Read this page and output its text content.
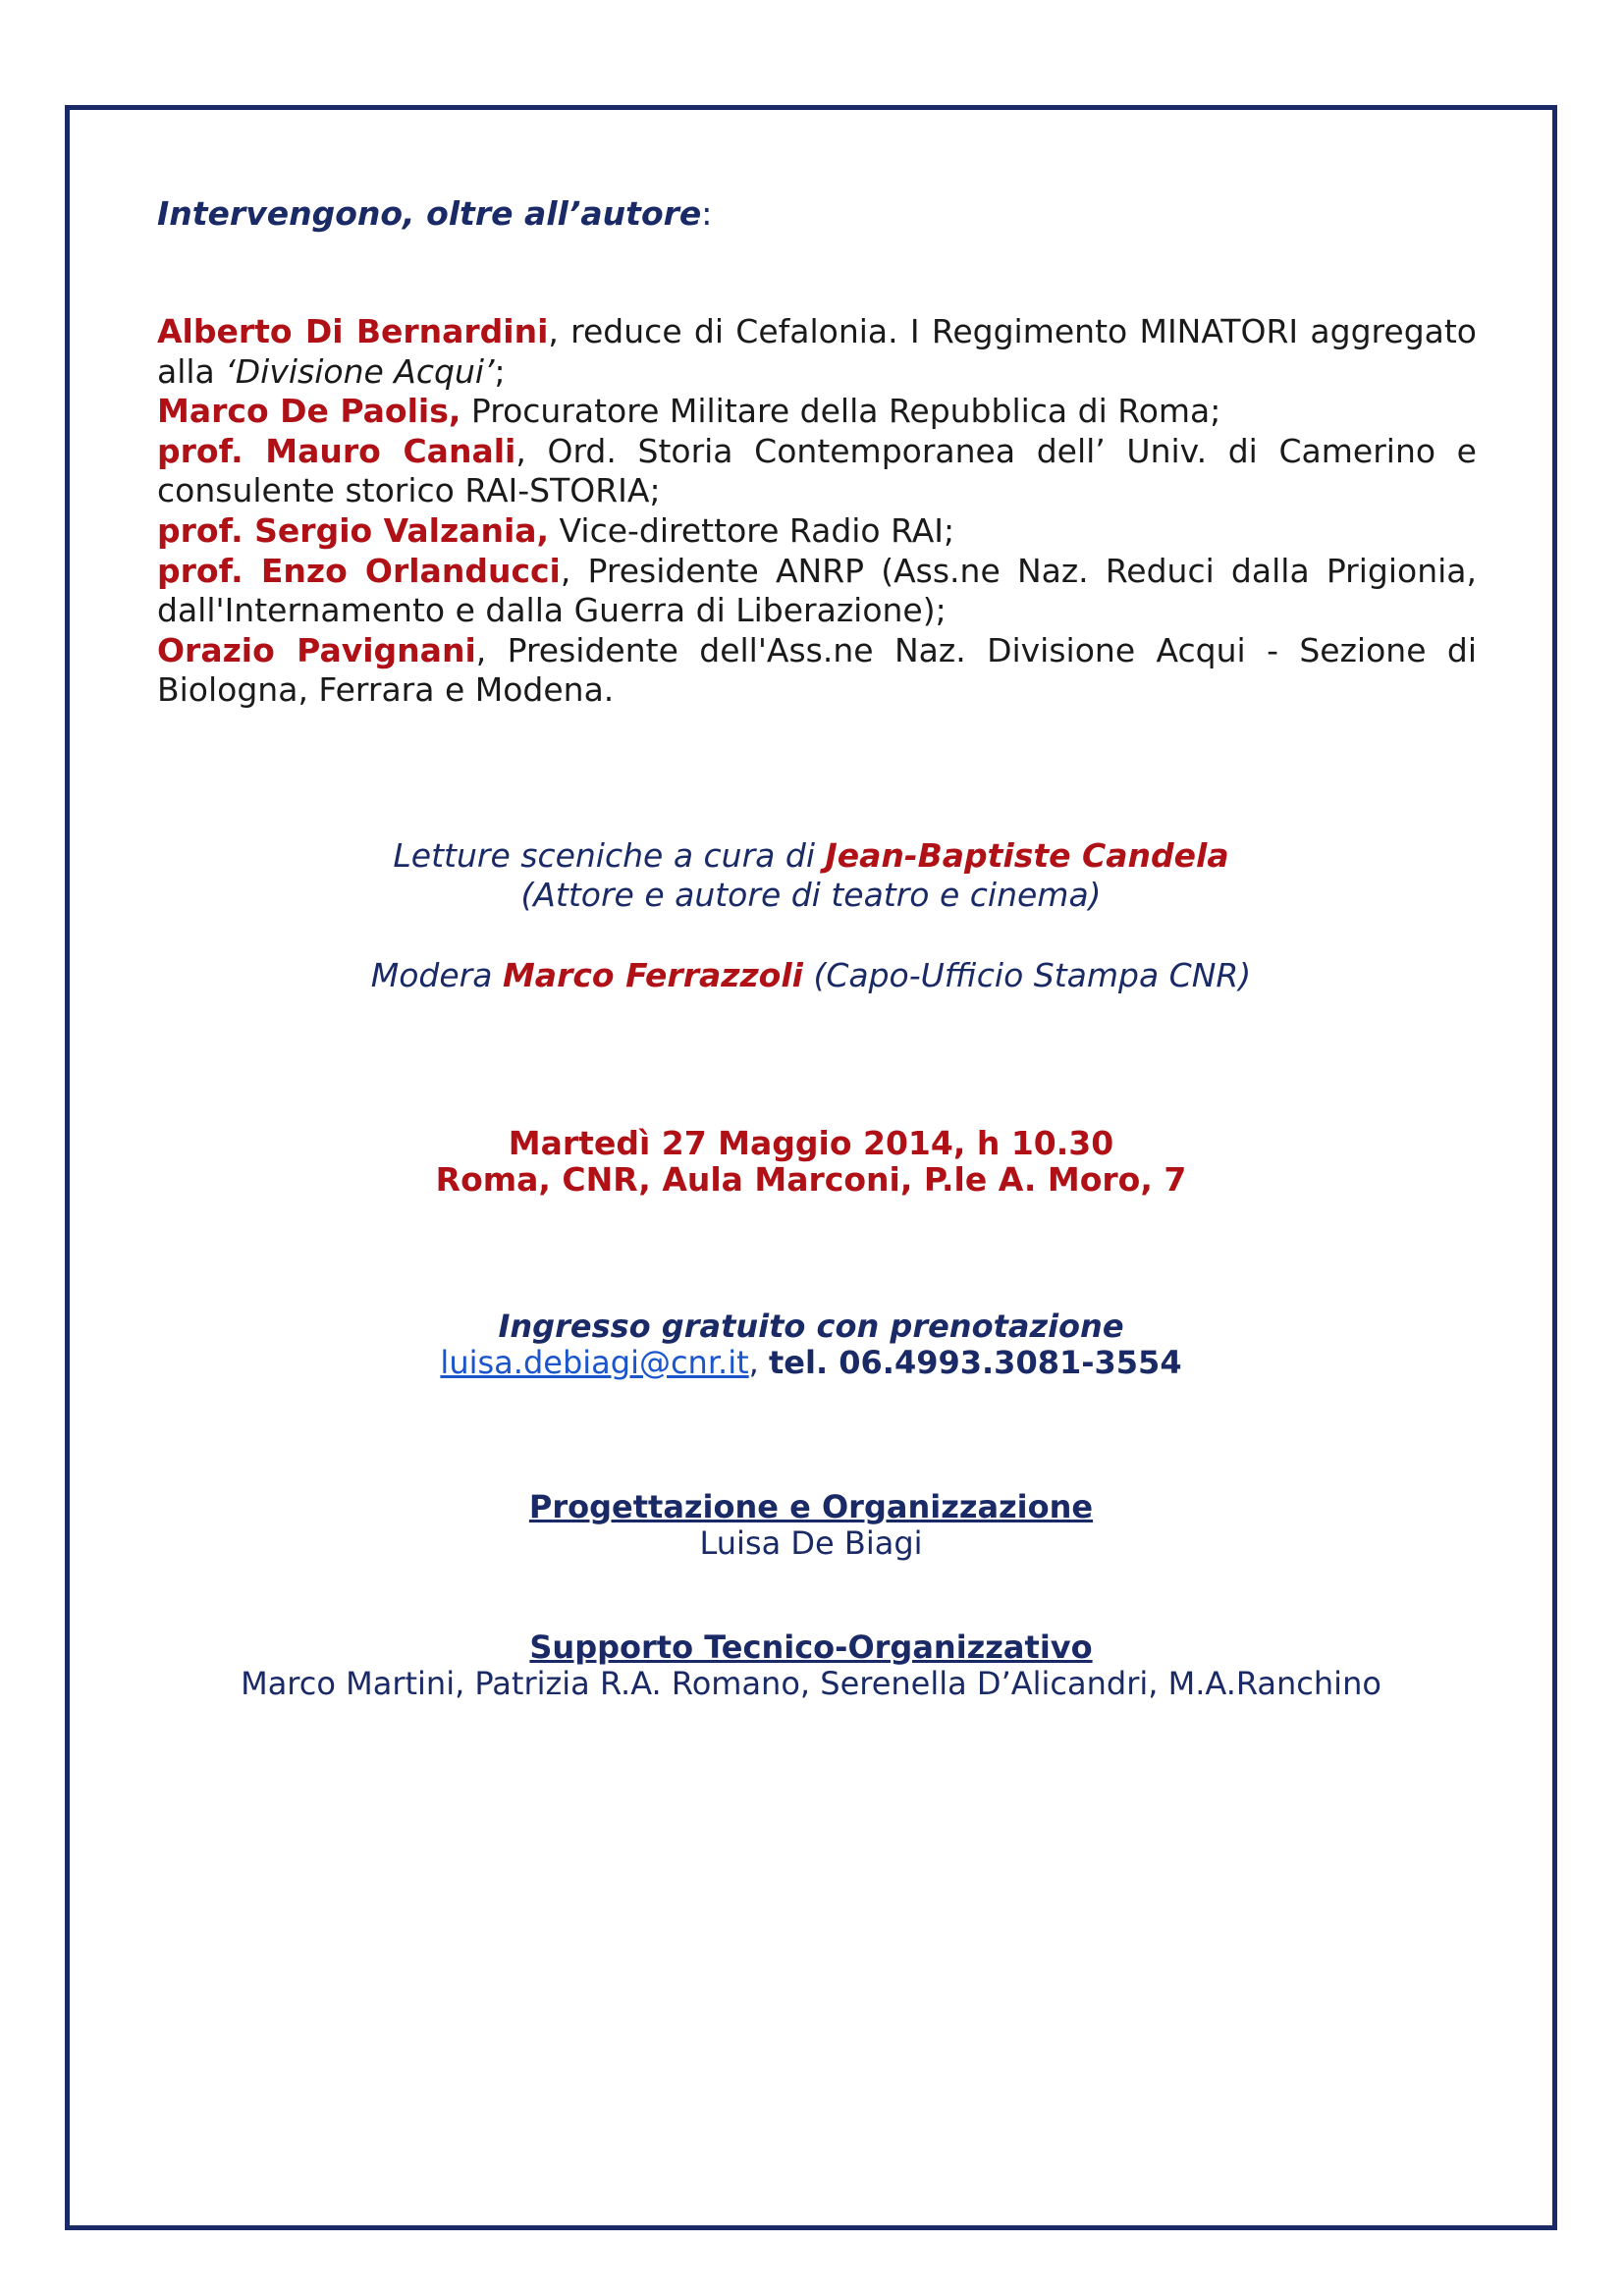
Intervengono, oltre all’autore:

Alberto Di Bernardini, reduce di Cefalonia. I Reggimento MINATORI aggregato alla ‘Divisione Acqui’;

Marco De Paolis, Procuratore Militare della Repubblica di Roma;

prof. Mauro Canali, Ord. Storia Contemporanea dell’ Univ. di Camerino e consulente storico RAI-STORIA;

prof. Sergio Valzania, Vice-direttore Radio RAI;

prof. Enzo Orlanducci, Presidente ANRP (Ass.ne Naz. Reduci dalla Prigionia, dall'Internamento e dalla Guerra di Liberazione);

Orazio Pavignani, Presidente dell'Ass.ne Naz. Divisione Acqui - Sezione di Biologna, Ferrara e Modena.

Letture sceniche a cura di Jean-Baptiste Candela
(Attore e autore di teatro e cinema)
Modera Marco Ferrazzoli (Capo-Ufficio Stampa CNR)
Martedì 27 Maggio 2014, h 10.30
Roma, CNR, Aula Marconi, P.le A. Moro, 7
Ingresso gratuito con prenotazione
luisa.debiagi@cnr.it, tel. 06.4993.3081-3554
Progettazione e Organizzazione
Luisa De Biagi
Supporto Tecnico-Organizzativo
Marco Martini, Patrizia R.A. Romano, Serenella D’Alicandri, M.A.Ranchino
